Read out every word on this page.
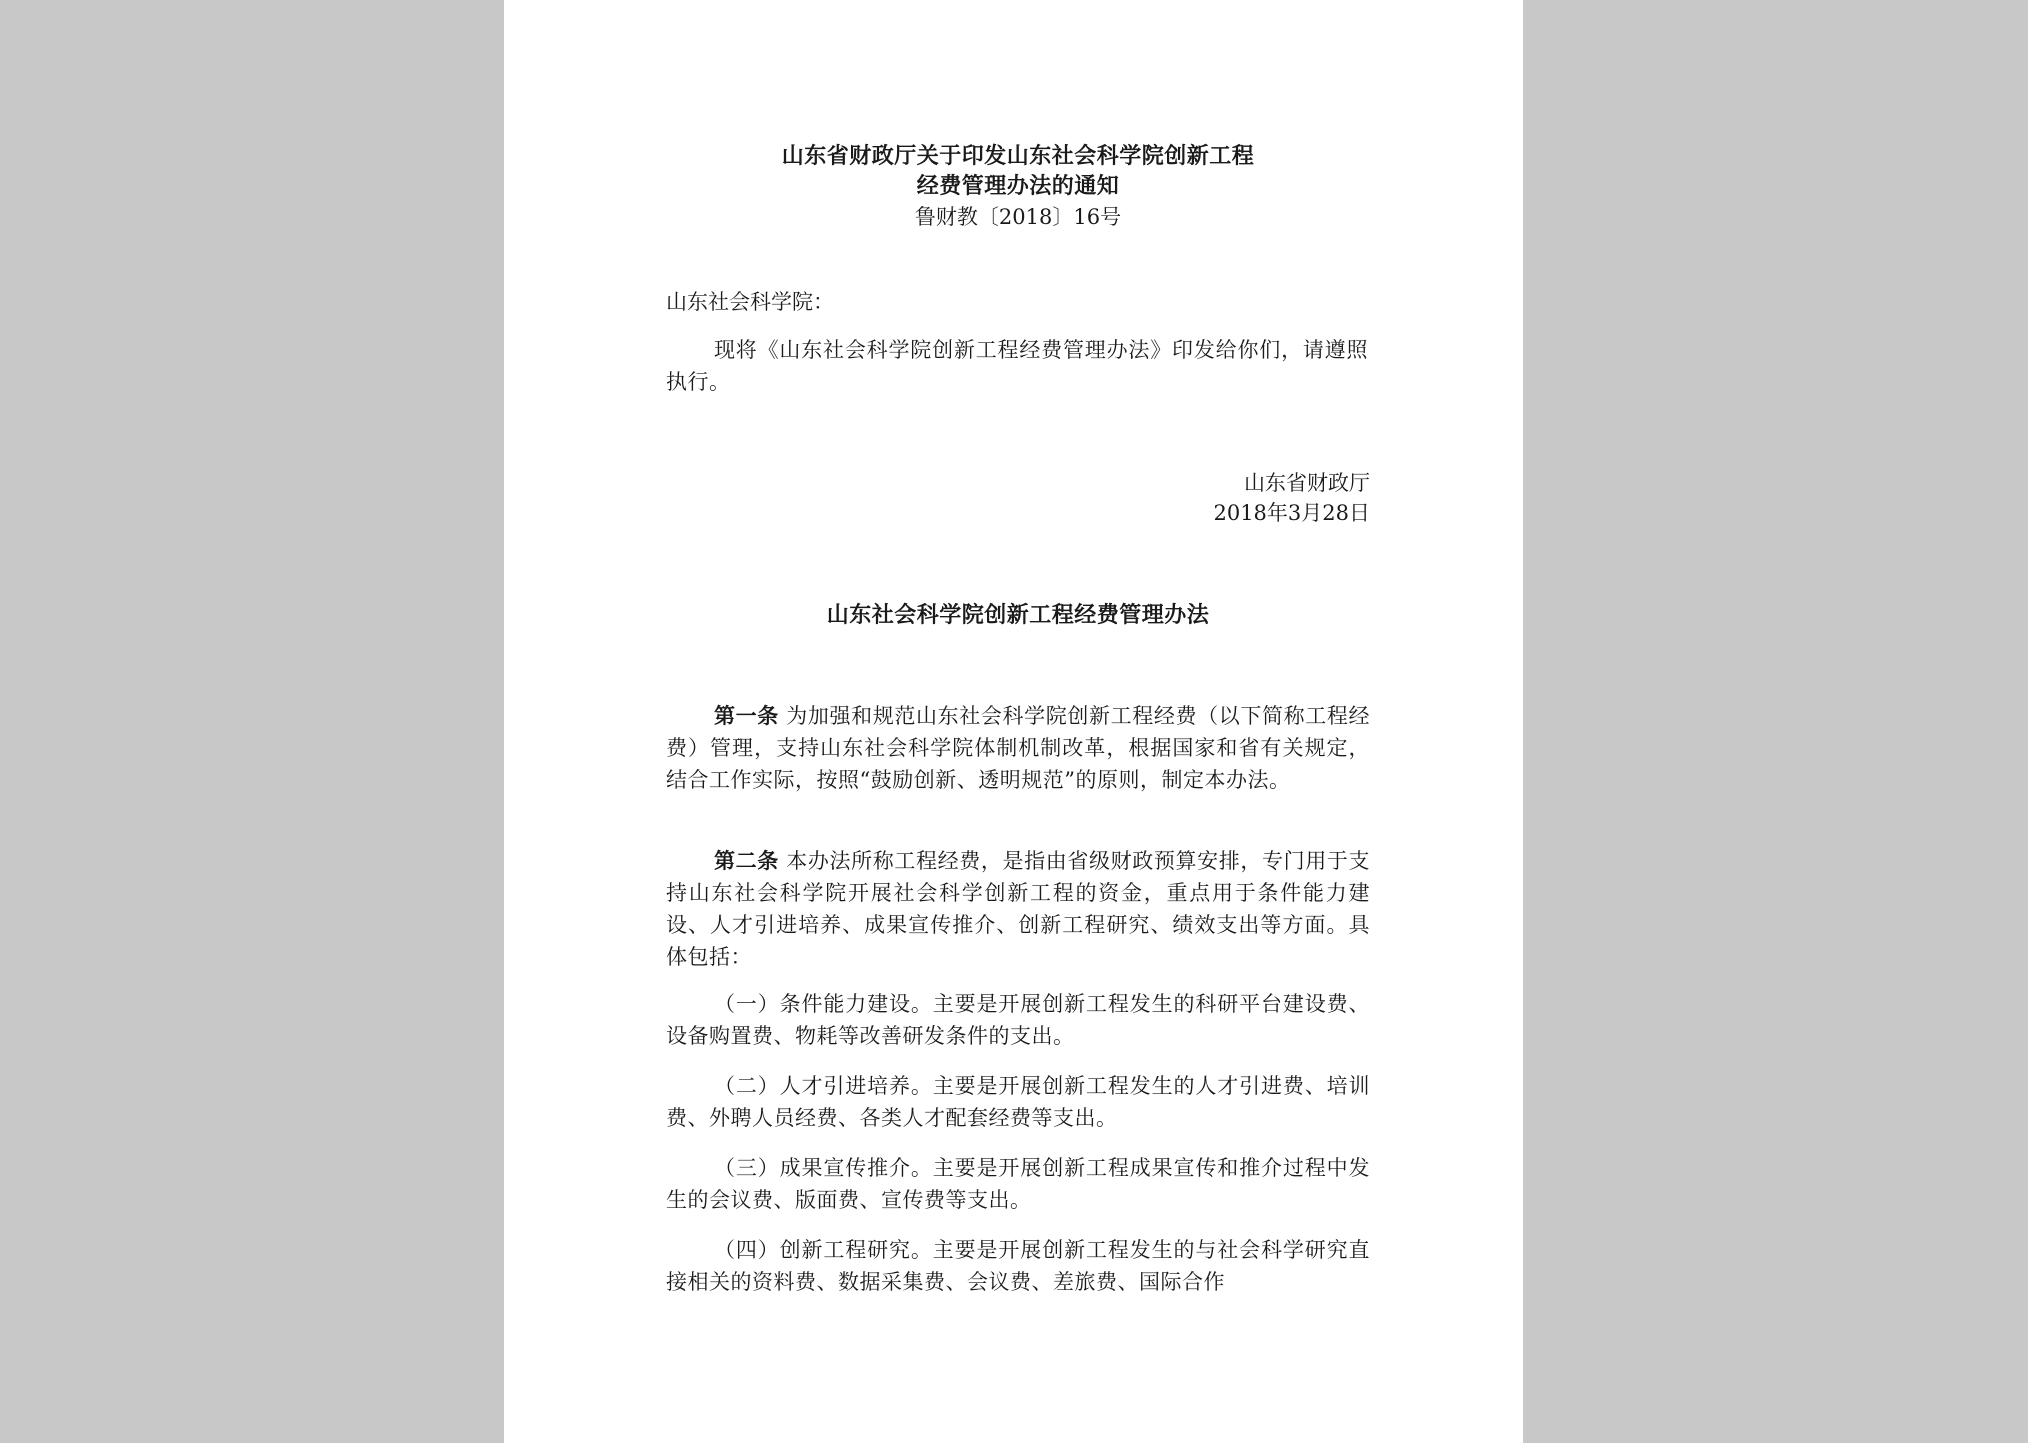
山东省财政厅关于印发山东社会科学院创新工程
经费管理办法的通知
鲁财教〔2018〕16号
山东社会科学院：
现将《山东社会科学院创新工程经费管理办法》印发给你们，请遵照执行。
山东省财政厅
2018年3月28日
山东社会科学院创新工程经费管理办法
第一条 为加强和规范山东社会科学院创新工程经费（以下简称工程经费）管理，支持山东社会科学院体制机制改革，根据国家和省有关规定，结合工作实际，按照“鼓励创新、透明规范”的原则，制定本办法。
第二条 本办法所称工程经费，是指由省级财政预算安排，专门用于支持山东社会科学院开展社会科学创新工程的资金，重点用于条件能力建设、人才引进培养、成果宣传推介、创新工程研究、绩效支出等方面。具体包括：
（一）条件能力建设。主要是开展创新工程发生的科研平台建设费、设备购置费、物耗等改善研发条件的支出。
（二）人才引进培养。主要是开展创新工程发生的人才引进费、培训费、外聘人员经费、各类人才配套经费等支出。
（三）成果宣传推介。主要是开展创新工程成果宣传和推介过程中发生的会议费、版面费、宣传费等支出。
（四）创新工程研究。主要是开展创新工程发生的与社会科学研究直接相关的资料费、数据采集费、会议费、差旅费、国际合作
